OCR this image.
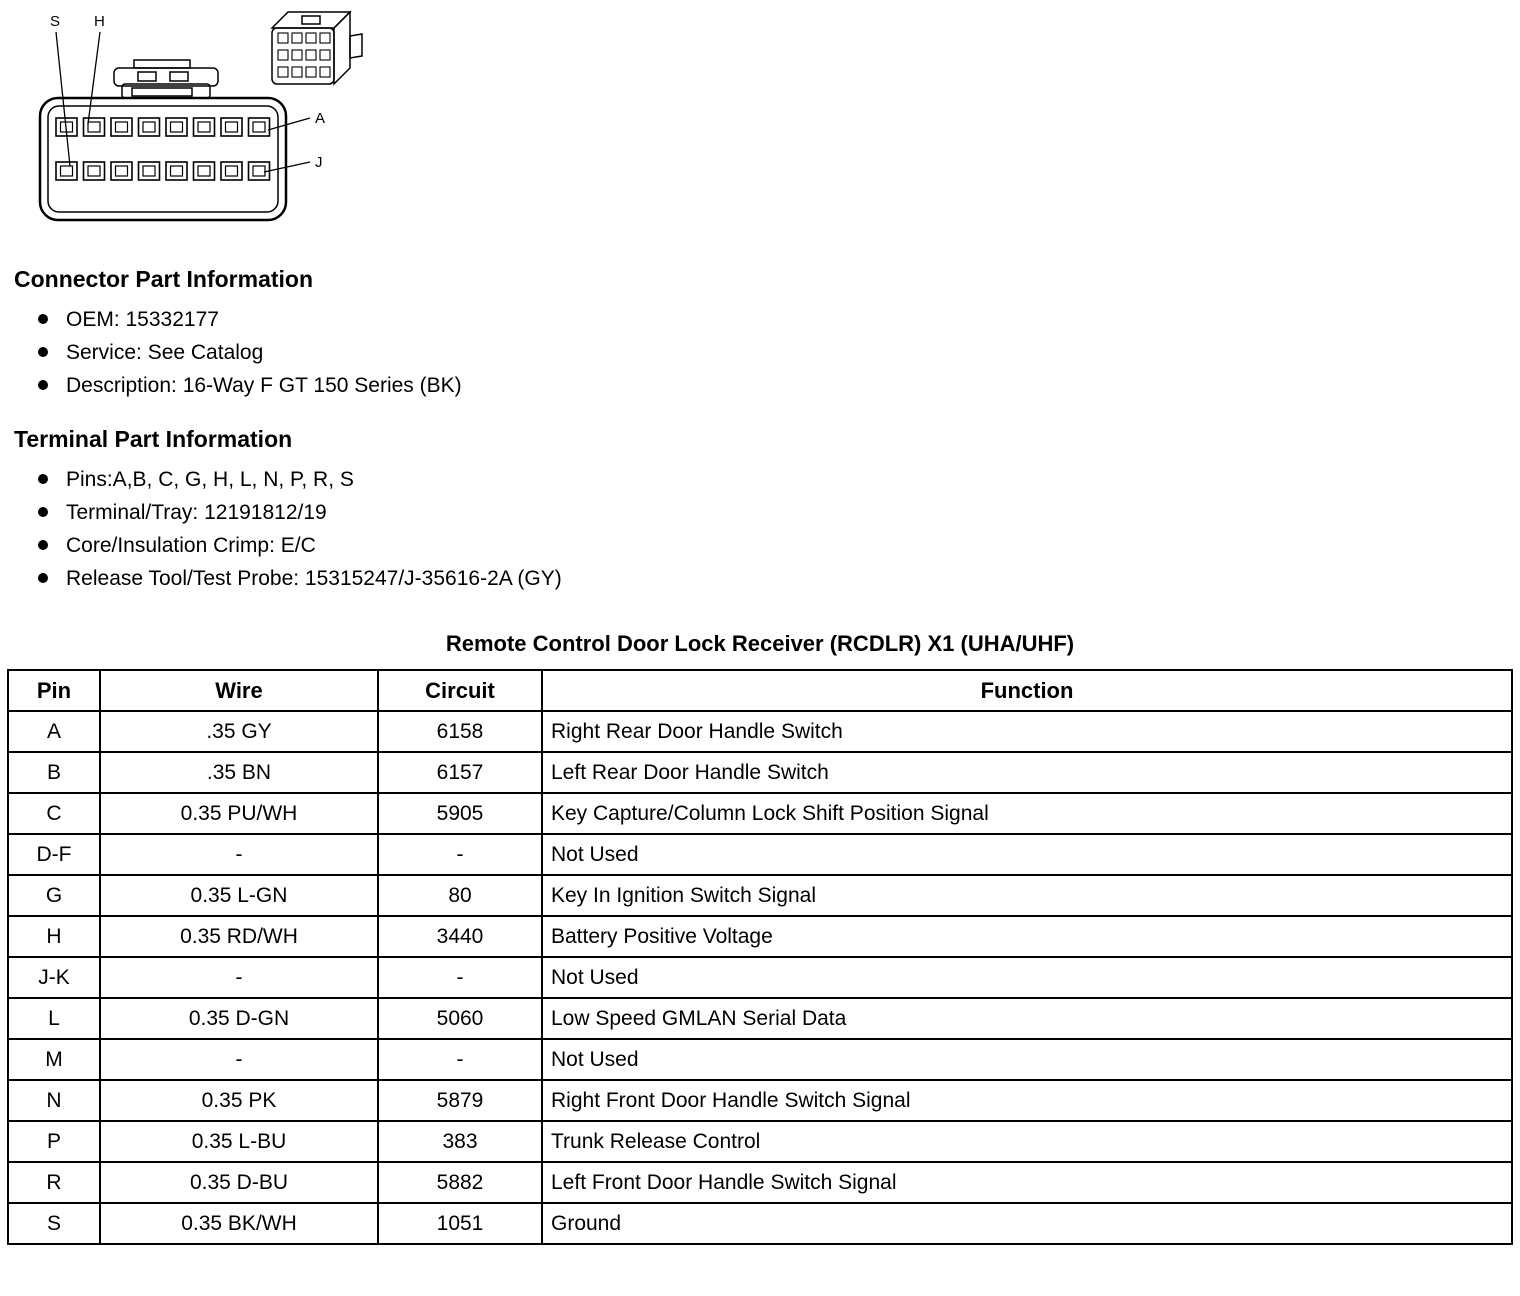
S H
A
J
Connector Part Information
OEM: 15332177
Service: See Catalog
Description: 16-Way F GT 150 Series (BK)
Terminal Part Information
Pins:A,B, C, G, H, L, N, P, R, S
Terminal/Tray: 12191812/19
Core/Insulation Crimp: E/C
Release Tool/Test Probe: 15315247/J-35616-2A (GY)
Remote Control Door Lock Receiver (RCDLR) X1 (UHA/UHF)
Pin	Wire	Circuit	Function
A	.35 GY	6158	Right Rear Door Handle Switch
B	.35 BN	6157	Left Rear Door Handle Switch
C	0.35 PU/WH	5905	Key Capture/Column Lock Shift Position Signal
D-F	-	-	Not Used
G	0.35 L-GN	80	Key In Ignition Switch Signal
H	0.35 RD/WH	3440	Battery Positive Voltage
J-K	-	-	Not Used
L	0.35 D-GN	5060	Low Speed GMLAN Serial Data
M	-	-	Not Used
N	0.35 PK	5879	Right Front Door Handle Switch Signal
P	0.35 L-BU	383	Trunk Release Control
R	0.35 D-BU	5882	Left Front Door Handle Switch Signal
S	0.35 BK/WH	1051	Ground
